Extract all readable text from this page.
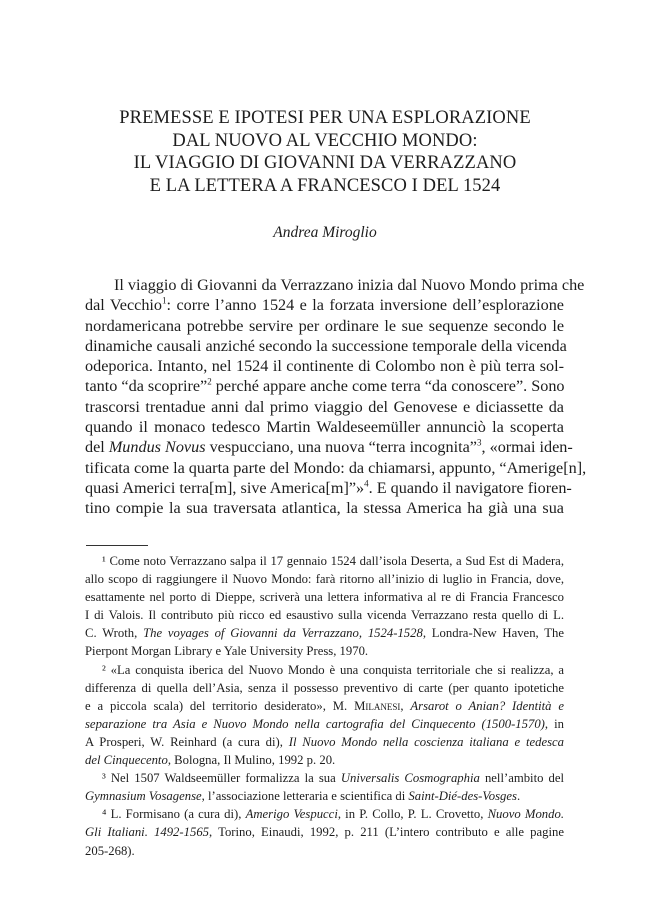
PREMESSE E IPOTESI PER UNA ESPLORAZIONE
DAL NUOVO AL VECCHIO MONDO:
IL VIAGGIO DI GIOVANNI DA VERRAZZANO
E LA LETTERA A FRANCESCO I DEL 1524
Andrea Miroglio
Il viaggio di Giovanni da Verrazzano inizia dal Nuovo Mondo prima che
dal Vecchio$^1$: corre l’anno 1524 e la forzata inversione dell’esplorazione
nordamericana potrebbe servire per ordinare le sue sequenze secondo le
dinamiche causali anziché secondo la successione temporale della vicenda
odeporica. Intanto, nel 1524 il continente di Colombo non è più terra sol-
tanto “da scoprire”$^2$ perché appare anche come terra “da conoscere”. Sono
trascorsi trentadue anni dal primo viaggio del Genovese e diciassette da
quando il monaco tedesco Martin Waldeseemüller annunciò la scoperta
del Mundus Novus vespucciano, una nuova “terra incognita”$^3$, «ormai iden-
tificata come la quarta parte del Mondo: da chiamarsi, appunto, “Amerige[n],
quasi Americi terra[m], sive America[m]”»$^4$. E quando il navigatore fioren-
tino compie la sua traversata atlantica, la stessa America ha già una sua
¹ Come noto Verrazzano salpa il 17 gennaio 1524 dall’isola Deserta, a Sud Est di Madera,
allo scopo di raggiungere il Nuovo Mondo: farà ritorno all’inizio di luglio in Francia, dove,
esattamente nel porto di Dieppe, scriverà una lettera informativa al re di Francia Francesco
I di Valois. Il contributo più ricco ed esaustivo sulla vicenda Verrazzano resta quello di L.
C. Wroth, The voyages of Giovanni da Verrazzano, 1524-1528, Londra-New Haven, The
Pierpont Morgan Library e Yale University Press, 1970.
² «La conquista iberica del Nuovo Mondo è una conquista territoriale che si realizza, a
differenza di quella dell’Asia, senza il possesso preventivo di carte (per quanto ipotetiche
e a piccola scala) del territorio desiderato», M. Milanesi, Arsarot o Anian? Identità e
separazione tra Asia e Nuovo Mondo nella cartografia del Cinquecento (1500-1570), in
A Prosperi, W. Reinhard (a cura di), Il Nuovo Mondo nella coscienza italiana e tedesca
del Cinquecento, Bologna, Il Mulino, 1992 p. 20.
³ Nel 1507 Waldseemüller formalizza la sua Universalis Cosmographia nell’ambito del
Gymnasium Vosagense, l’associazione letteraria e scientifica di Saint-Dié-des-Vosges.
⁴ L. Formisano (a cura di), Amerigo Vespucci, in P. Collo, P. L. Crovetto, Nuovo Mondo.
Gli Italiani. 1492-1565, Torino, Einaudi, 1992, p. 211 (L’intero contributo e alle pagine
205-268).
